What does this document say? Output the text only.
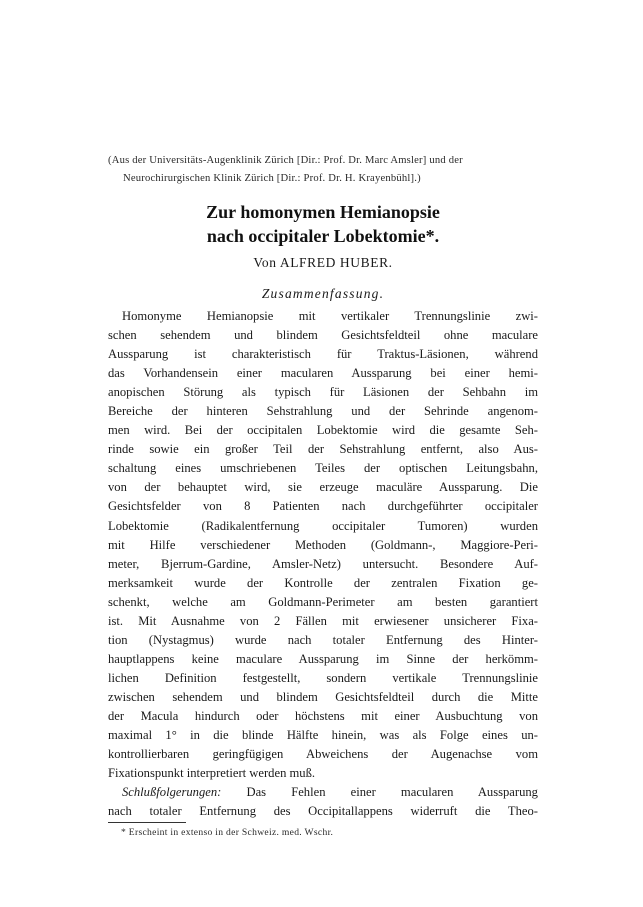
(Aus der Universitäts-Augenklinik Zürich [Dir.: Prof. Dr. Marc Amsler] und der
Neurochirurgischen Klinik Zürich [Dir.: Prof. Dr. H. Krayenbühl].)
Zur homonymen Hemianopsie
nach occipitaler Lobektomie*.
Von ALFRED HUBER.
Zusammenfassung.
Homonyme Hemianopsie mit vertikaler Trennungslinie zwi-
schen sehendem und blindem Gesichtsfeldteil ohne maculare
Aussparung ist charakteristisch für Traktus-Läsionen, während
das Vorhandensein einer macularen Aussparung bei einer hemi-
anopischen Störung als typisch für Läsionen der Sehbahn im
Bereiche der hinteren Sehstrahlung und der Sehrinde angenom-
men wird. Bei der occipitalen Lobektomie wird die gesamte Seh-
rinde sowie ein großer Teil der Sehstrahlung entfernt, also Aus-
schaltung eines umschriebenen Teiles der optischen Leitungsbahn,
von der behauptet wird, sie erzeuge maculäre Aussparung. Die
Gesichtsfelder von 8 Patienten nach durchgeführter occipitaler
Lobektomie (Radikalentfernung occipitaler Tumoren) wurden
mit Hilfe verschiedener Methoden (Goldmann-, Maggiore-Peri-
meter, Bjerrum-Gardine, Amsler-Netz) untersucht. Besondere Auf-
merksamkeit wurde der Kontrolle der zentralen Fixation ge-
schenkt, welche am Goldmann-Perimeter am besten garantiert
ist. Mit Ausnahme von 2 Fällen mit erwiesener unsicherer Fixa-
tion (Nystagmus) wurde nach totaler Entfernung des Hinter-
hauptlappens keine maculare Aussparung im Sinne der herkömm-
lichen Definition festgestellt, sondern vertikale Trennungslinie
zwischen sehendem und blindem Gesichtsfeldteil durch die Mitte
der Macula hindurch oder höchstens mit einer Ausbuchtung von
maximal 1° in die blinde Hälfte hinein, was als Folge eines un-
kontrollierbaren geringfügigen Abweichens der Augenachse vom
Fixationspunkt interpretiert werden muß.
Schlußfolgerungen: Das Fehlen einer macularen Aussparung
nach totaler Entfernung des Occipitallappens widerruft die Theo-
* Erscheint in extenso in der Schweiz. med. Wschr.
